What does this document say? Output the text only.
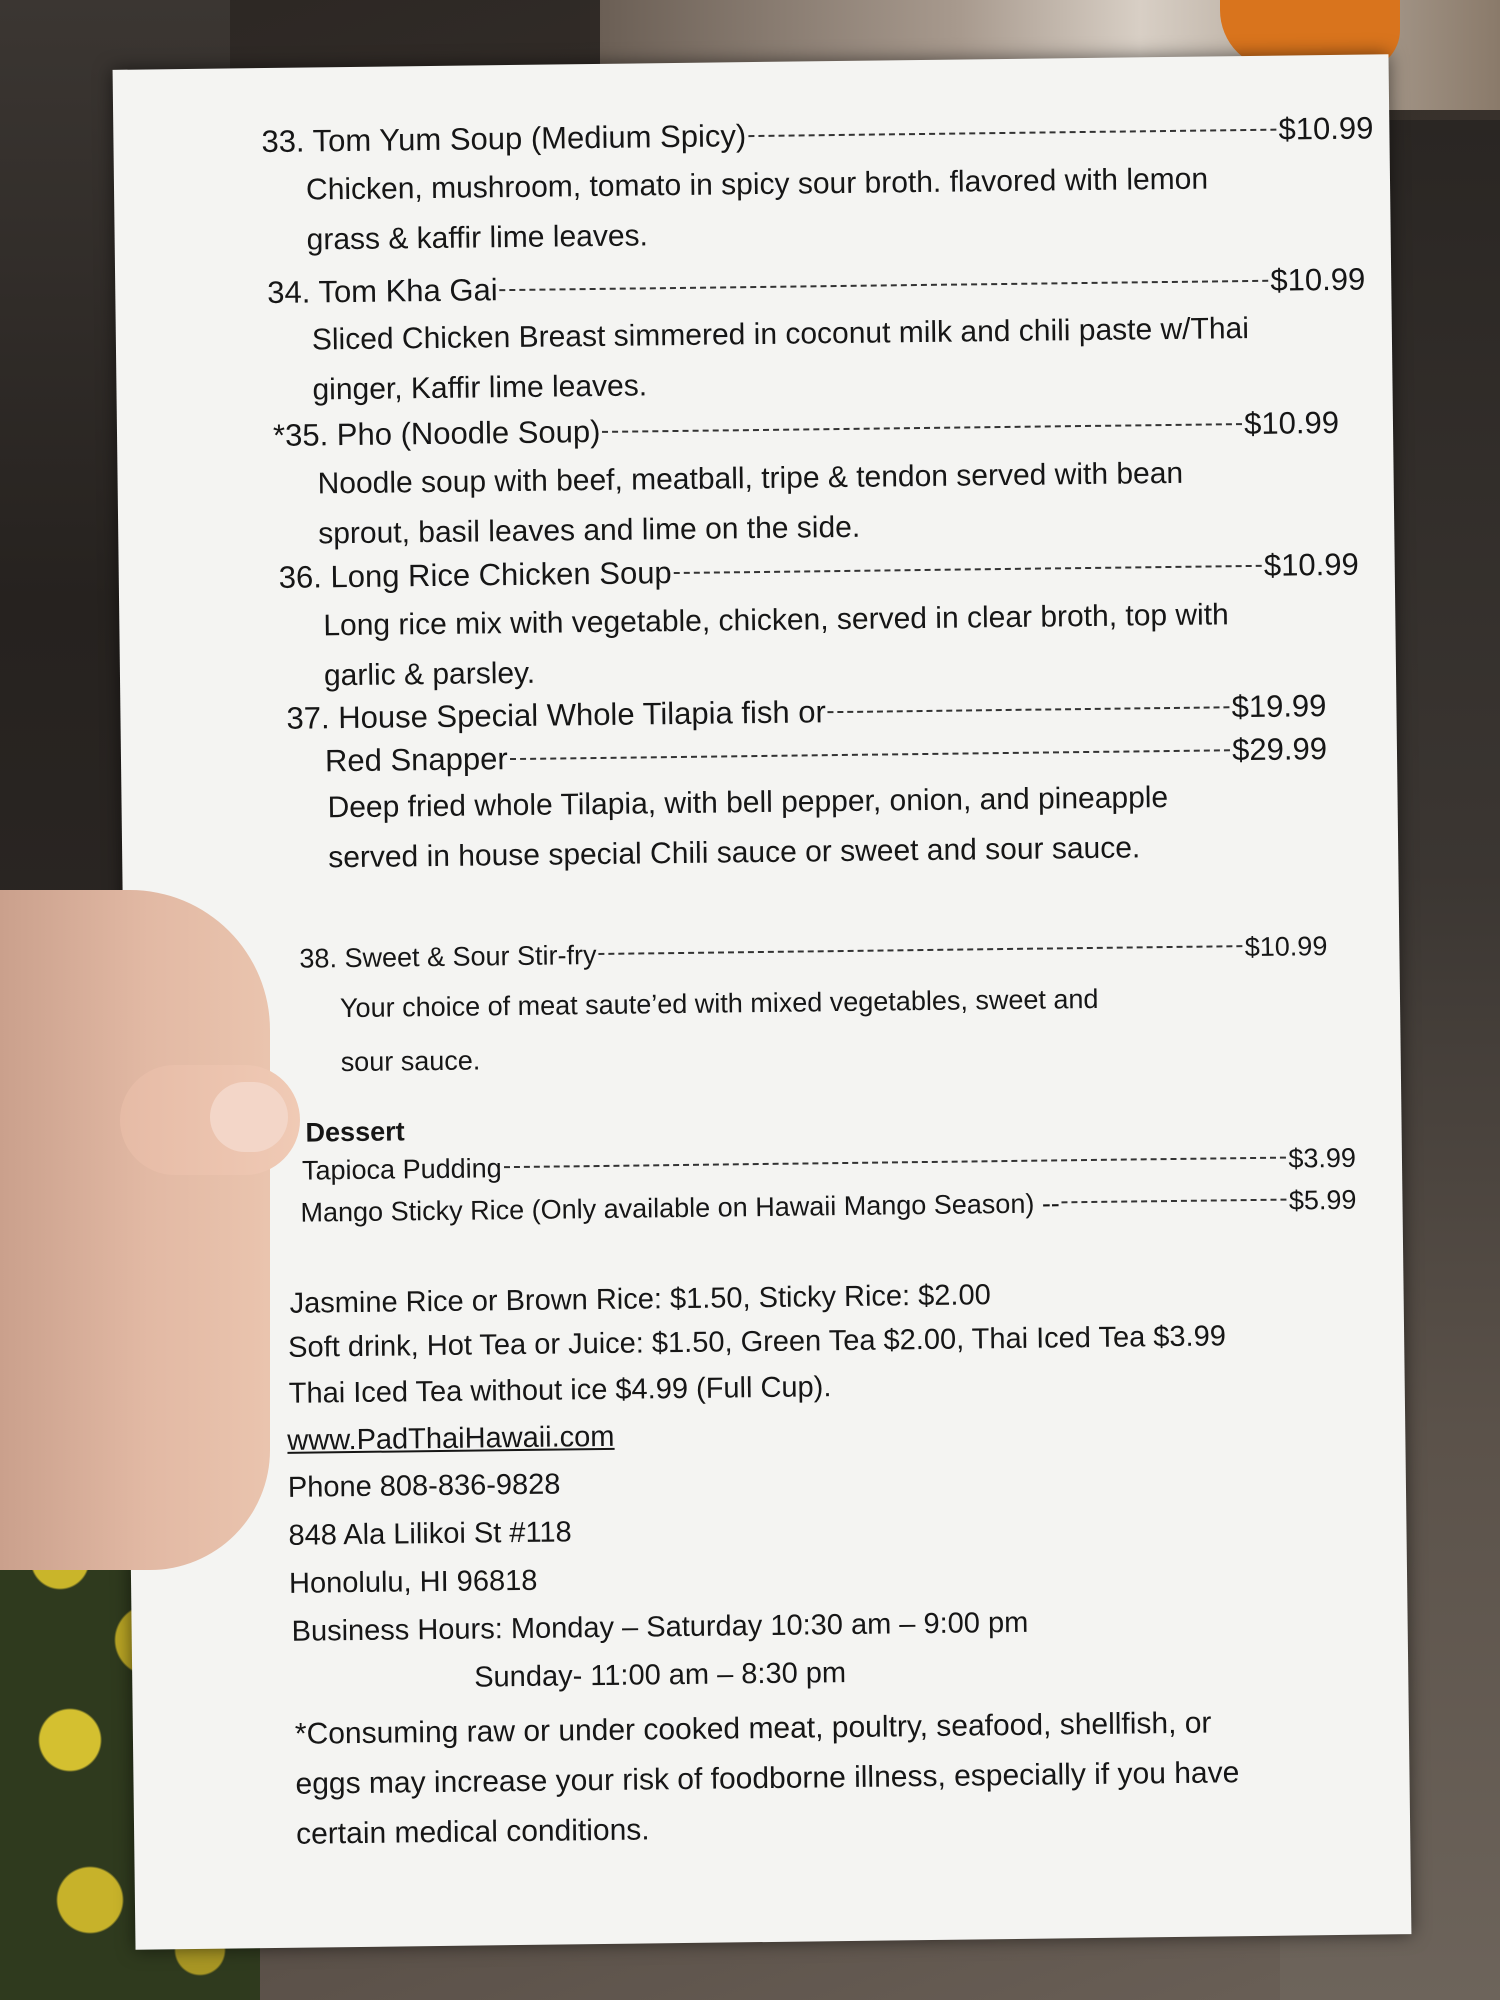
33. Tom Yum Soup (Medium Spicy)	$10.99
Chicken, mushroom, tomato in spicy sour broth. flavored with lemon
grass & kaffir lime leaves.
34. Tom Kha Gai	$10.99
Sliced Chicken Breast simmered in coconut milk and chili paste w/Thai
ginger, Kaffir lime leaves.
*35. Pho (Noodle Soup)	$10.99
Noodle soup with beef, meatball, tripe & tendon served with bean
sprout, basil leaves and lime on the side.
36. Long Rice Chicken Soup	$10.99
Long rice mix with vegetable, chicken, served in clear broth, top with
garlic & parsley.
37. House Special Whole Tilapia fish or	$19.99
Red Snapper	$29.99
Deep fried whole Tilapia, with bell pepper, onion, and pineapple
served in house special Chili sauce or sweet and sour sauce.
38. Sweet & Sour Stir-fry	$10.99
Your choice of meat saute’ed with mixed vegetables, sweet and
sour sauce.
Dessert
Tapioca Pudding	$3.99
Mango Sticky Rice (Only available on Hawaii Mango Season) --	$5.99
Jasmine Rice or Brown Rice: $1.50, Sticky Rice: $2.00
Soft drink, Hot Tea or Juice: $1.50, Green Tea $2.00, Thai Iced Tea $3.99
Thai Iced Tea without ice $4.99 (Full Cup).
www.PadThaiHawaii.com
Phone 808-836-9828
848 Ala Lilikoi St #118
Honolulu, HI 96818
Business Hours: Monday – Saturday 10:30 am – 9:00 pm
Sunday- 11:00 am – 8:30 pm
*Consuming raw or under cooked meat, poultry, seafood, shellfish, or
eggs may increase your risk of foodborne illness, especially if you have
certain medical conditions.
